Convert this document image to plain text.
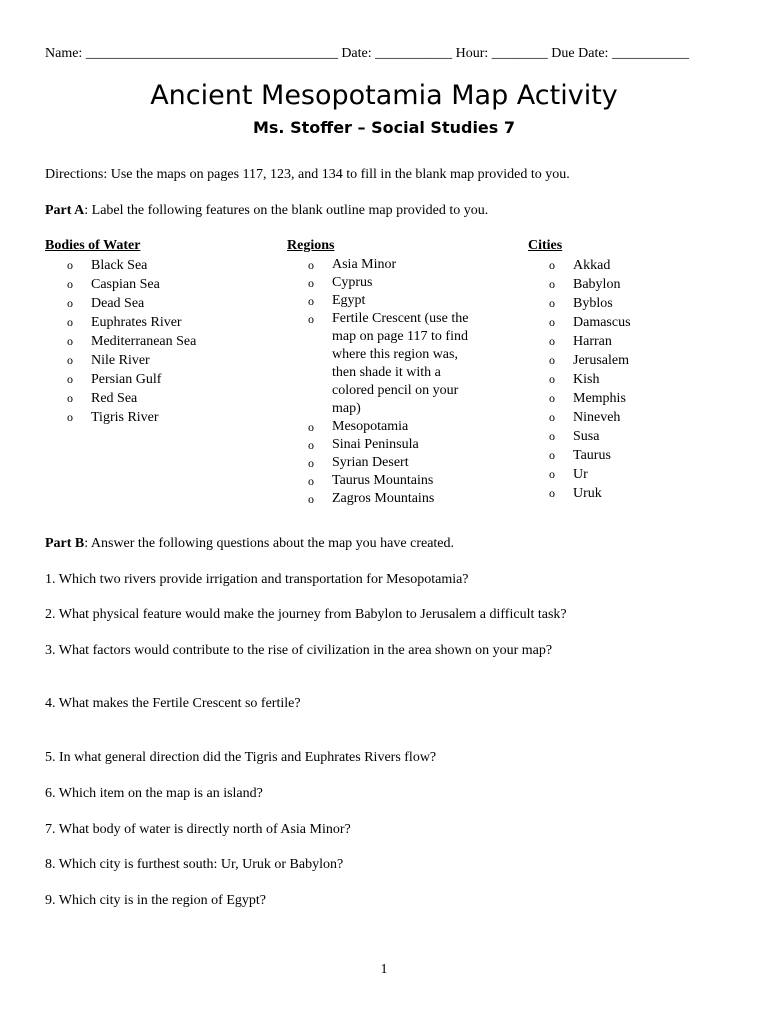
Name: ____________________________________ Date: ___________ Hour: ________ Due Date: ___________
Ancient Mesopotamia Map Activity
Ms. Stoffer – Social Studies 7
Directions: Use the maps on pages 117, 123, and 134 to fill in the blank map provided to you.
Part A: Label the following features on the blank outline map provided to you.
Bodies of Water	Regions	Cities
o Black Sea
o Caspian Sea
o Dead Sea
o Euphrates River
o Mediterranean Sea
o Nile River
o Persian Gulf
o Red Sea
o Tigris River
o Asia Minor
o Cyprus
o Egypt
o Fertile Crescent (use the map on page 117 to find where this region was, then shade it with a colored pencil on your map)
o Mesopotamia
o Sinai Peninsula
o Syrian Desert
o Taurus Mountains
o Zagros Mountains
o Akkad
o Babylon
o Byblos
o Damascus
o Harran
o Jerusalem
o Kish
o Memphis
o Nineveh
o Susa
o Taurus
o Ur
o Uruk
Part B: Answer the following questions about the map you have created.
1. Which two rivers provide irrigation and transportation for Mesopotamia?
2. What physical feature would make the journey from Babylon to Jerusalem a difficult task?
3. What factors would contribute to the rise of civilization in the area shown on your map?
4. What makes the Fertile Crescent so fertile?
5. In what general direction did the Tigris and Euphrates Rivers flow?
6. Which item on the map is an island?
7. What body of water is directly north of Asia Minor?
8. Which city is furthest south: Ur, Uruk or Babylon?
9. Which city is in the region of Egypt?
1
